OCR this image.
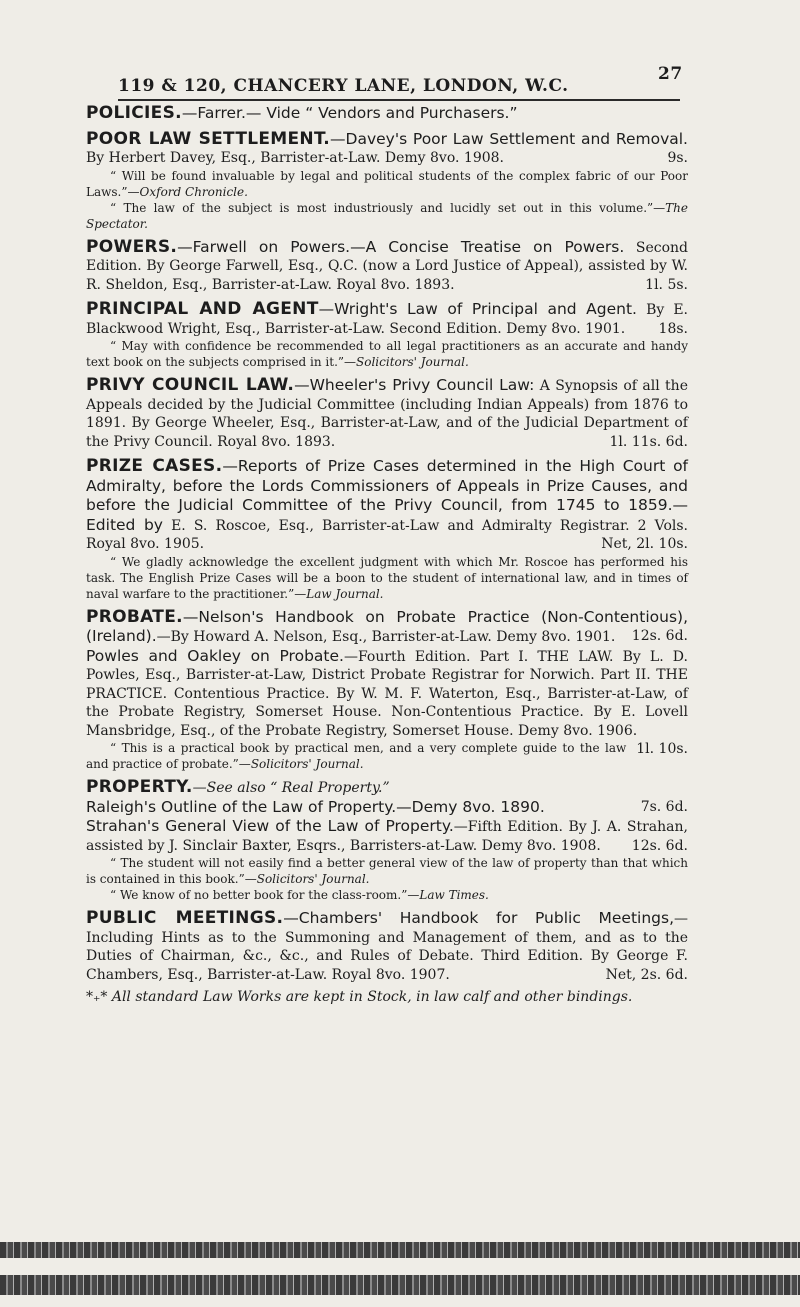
119 & 120, CHANCERY LANE, LONDON, W.C.
27

POLICIES.—Farrer.— Vide “ Vendors and Purchasers.”

POOR LAW SETTLEMENT.—Davey's Poor Law Settlement and Removal. By Herbert Davey, Esq., Barrister-at-Law. Demy 8vo. 1908.	9s.

“ Will be found invaluable by legal and political students of the complex fabric of our Poor Laws.”—Oxford Chronicle.

“ The law of the subject is most industriously and lucidly set out in this volume.”—The Spectator.

POWERS.—Farwell on Powers.—A Concise Treatise on Powers. Second Edition. By George Farwell, Esq., Q.C. (now a Lord Justice of Appeal), assisted by W. R. Sheldon, Esq., Barrister-at-Law. Royal 8vo. 1893.	1l. 5s.

PRINCIPAL AND AGENT—Wright's Law of Principal and Agent. By E. Blackwood Wright, Esq., Barrister-at-Law. Second Edition. Demy 8vo. 1901. 18s.

“ May with confidence be recommended to all legal practitioners as an accurate and handy text book on the subjects comprised in it.”—Solicitors' Journal.

PRIVY COUNCIL LAW.—Wheeler's Privy Council Law: A Synopsis of all the Appeals decided by the Judicial Committee (including Indian Appeals) from 1876 to 1891. By George Wheeler, Esq., Barrister-at-Law, and of the Judicial Department of the Privy Council. Royal 8vo. 1893.	1l. 11s. 6d.

PRIZE CASES.—Reports of Prize Cases determined in the High Court of Admiralty, before the Lords Commissioners of Appeals in Prize Causes, and before the Judicial Committee of the Privy Council, from 1745 to 1859.—Edited by E. S. Roscoe, Esq., Barrister-at-Law and Admiralty Registrar. 2 Vols. Royal 8vo. 1905.	Net, 2l. 10s.

“ We gladly acknowledge the excellent judgment with which Mr. Roscoe has performed his task. The English Prize Cases will be a boon to the student of international law, and in times of naval warfare to the practitioner.”—Law Journal.

PROBATE.—Nelson's Handbook on Probate Practice (Non-Contentious), (Ireland).—By Howard A. Nelson, Esq., Barrister-at-Law. Demy 8vo. 1901. 12s. 6d.

Powles and Oakley on Probate.—Fourth Edition. Part I. THE LAW. By L. D. Powles, Esq., Barrister-at-Law, District Probate Registrar for Norwich. Part II. THE PRACTICE. Contentious Practice. By W. M. F. Waterton, Esq., Barrister-at-Law, of the Probate Registry, Somerset House. Non-Contentious Practice. By E. Lovell Mansbridge, Esq., of the Probate Registry, Somerset House. Demy 8vo. 1906.
1l. 10s.

“ This is a practical book by practical men, and a very complete guide to the law and practice of probate.”—Solicitors' Journal.

PROPERTY.—See also “ Real Property.”

Raleigh's Outline of the Law of Property.—Demy 8vo. 1890.	7s. 6d.

Strahan's General View of the Law of Property.—Fifth Edition. By J. A. Strahan, assisted by J. Sinclair Baxter, Esqrs., Barristers-at-Law. Demy 8vo. 1908. 12s. 6d.

“ The student will not easily find a better general view of the law of property than that which is contained in this book.”—Solicitors' Journal.

“ We know of no better book for the class-room.”—Law Times.

PUBLIC MEETINGS.—Chambers' Handbook for Public Meetings,—Including Hints as to the Summoning and Management of them, and as to the Duties of Chairman, &c., &c., and Rules of Debate. Third Edition. By George F. Chambers, Esq., Barrister-at-Law. Royal 8vo. 1907.	Net, 2s. 6d.

*₊* All standard Law Works are kept in Stock, in law calf and other bindings.
